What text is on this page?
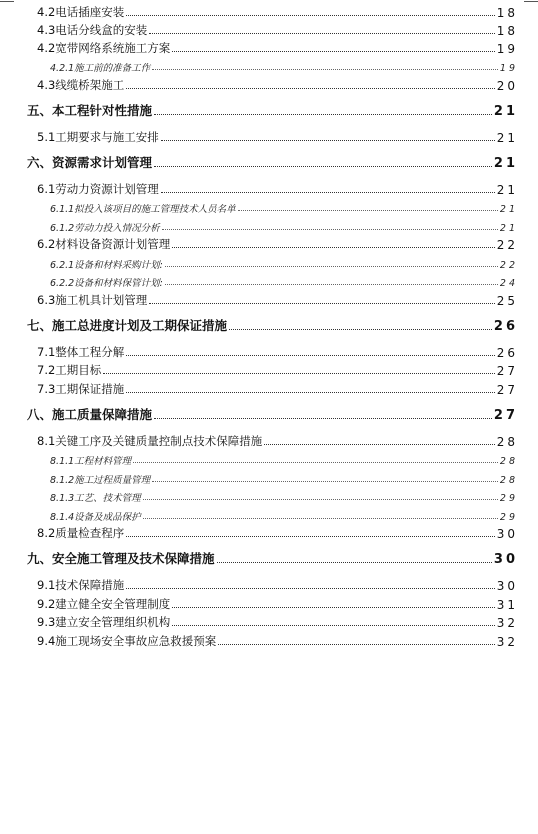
4.2电话插座安装	18
4.3电话分线盒的安装	18
4.2宽带网络系统施工方案	19
4.2.1施工前的准备工作	19
4.3线缆桥架施工	20
五、本工程针对性措施	21
5.1工期要求与施工安排	21
六、资源需求计划管理	21
6.1劳动力资源计划管理	21
6.1.1拟投入该项目的施工管理技术人员名单	21
6.1.2劳动力投入情况分析	21
6.2材料设备资源计划管理	22
6.2.1设备和材料采购计划:	22
6.2.2设备和材料保管计划:	24
6.3施工机具计划管理	25
七、施工总进度计划及工期保证措施	26
7.1整体工程分解	26
7.2工期目标	27
7.3工期保证措施	27
八、施工质量保障措施	27
8.1关键工序及关键质量控制点技术保障措施	28
8.1.1工程材料管理	28
8.1.2施工过程质量管理	28
8.1.3工艺、技术管理	29
8.1.4设备及成品保护	29
8.2质量检查程序	30
九、安全施工管理及技术保障措施	30
9.1技术保障措施	30
9.2建立健全安全管理制度	31
9.3建立安全管理组织机构	32
9.4施工现场安全事故应急救援预案	32
